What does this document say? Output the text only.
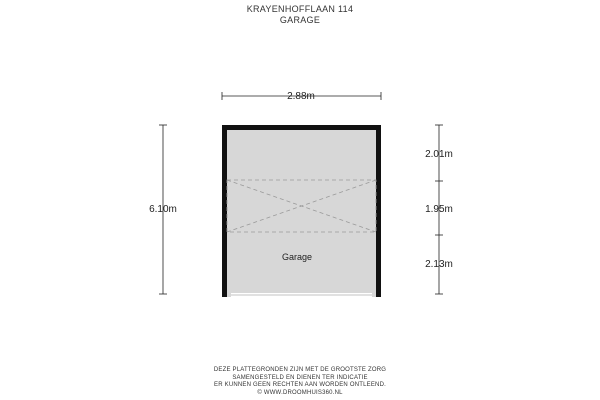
KRAYENHOFFLAAN 114
GARAGE
2.88m
6.10m
2.01m
1.95m
2.13m
Garage
DEZE PLATTEGRONDEN ZIJN MET DE GROOTSTE ZORG
SAMENGESTELD EN DIENEN TER INDICATIE
ER KUNNEN GEEN RECHTEN AAN WORDEN ONTLEEND.
© WWW.DROOMHUIS360.NL
